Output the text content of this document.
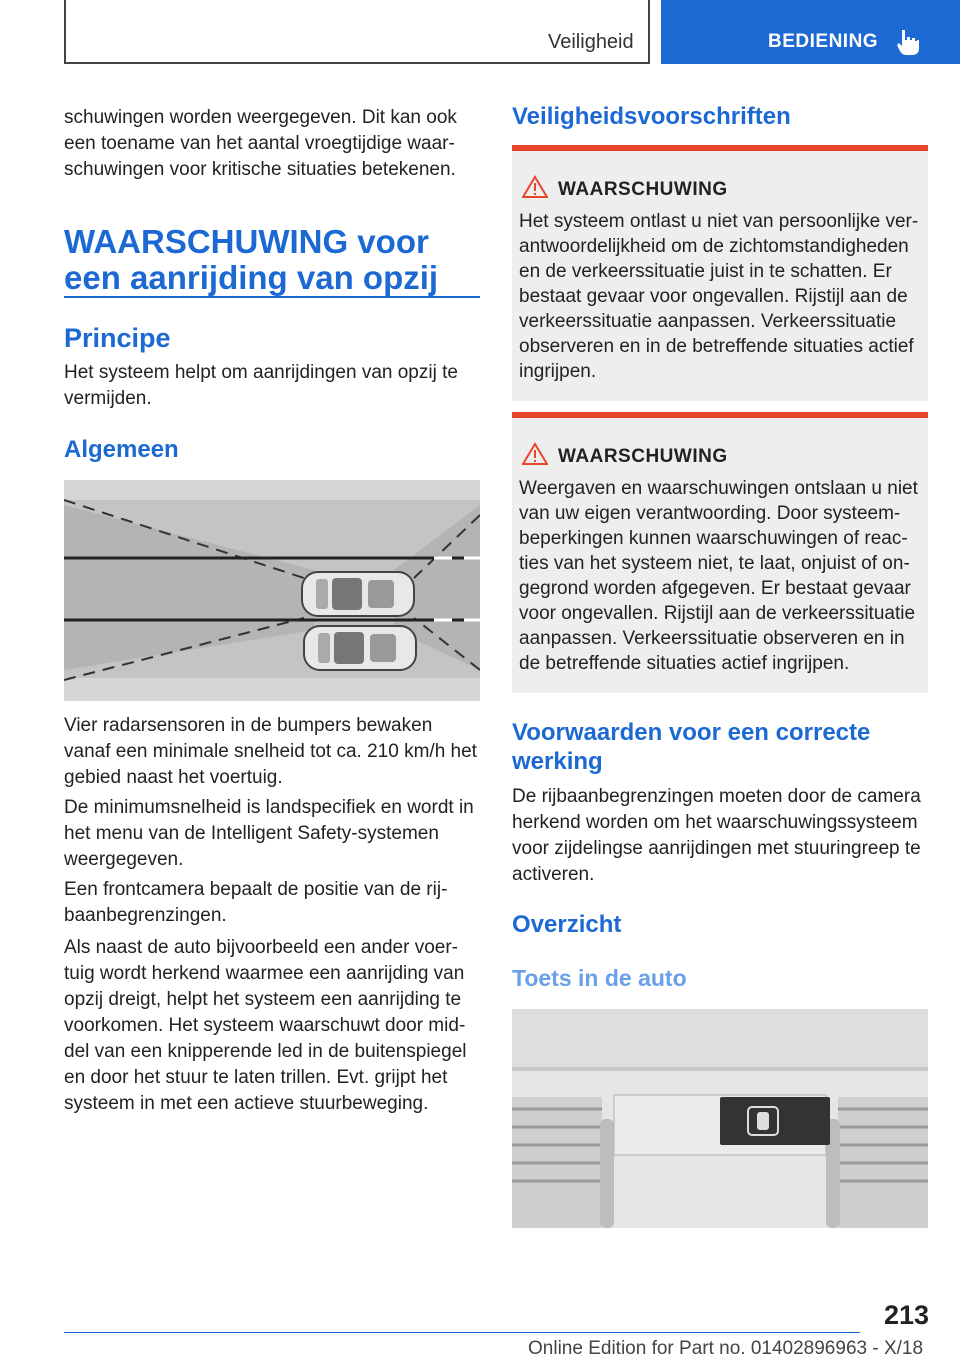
Veiligheid	BEDIENING
schuwingen worden weergegeven. Dit kan ook een toename van het aantal vroegtijdige waarschuwingen voor kritische situaties betekenen.
WAARSCHUWING voor
een aanrijding van opzij
Principe
Het systeem helpt om aanrijdingen van opzij te vermijden.
Algemeen
Vier radarsensoren in de bumpers bewaken vanaf een minimale snelheid tot ca. 210 km/h het gebied naast het voertuig.
De minimumsnelheid is landspecifiek en wordt in het menu van de Intelligent Safety-systemen weergegeven.
Een frontcamera bepaalt de positie van de rijbaanbegrenzingen.
Als naast de auto bijvoorbeeld een ander voertuig wordt herkend waarmee een aanrijding van opzij dreigt, helpt het systeem een aanrijding te voorkomen. Het systeem waarschuwt door middel van een knipperende led in de buitenspiegel en door het stuur te laten trillen. Evt. grijpt het systeem in met een actieve stuurbeweging.
Veiligheidsvoorschriften
WAARSCHUWING
Het systeem ontlast u niet van persoonlijke verantwoordelijkheid om de zichtomstandigheden en de verkeerssituatie juist in te schatten. Er bestaat gevaar voor ongevallen. Rijstijl aan de verkeerssituatie aanpassen. Verkeerssituatie observeren en in de betreffende situaties actief ingrijpen.
WAARSCHUWING
Weergaven en waarschuwingen ontslaan u niet van uw eigen verantwoording. Door systeembeperkingen kunnen waarschuwingen of reacties van het systeem niet, te laat, onjuist of ongegrond worden afgegeven. Er bestaat gevaar voor ongevallen. Rijstijl aan de verkeerssituatie aanpassen. Verkeerssituatie observeren en in de betreffende situaties actief ingrijpen.
Voorwaarden voor een correcte werking
De rijbaanbegrenzingen moeten door de camera herkend worden om het waarschuwingssysteem voor zijdelingse aanrijdingen met stuuringreep te activeren.
Overzicht
Toets in de auto
213
Online Edition for Part no. 01402896963 - X/18
